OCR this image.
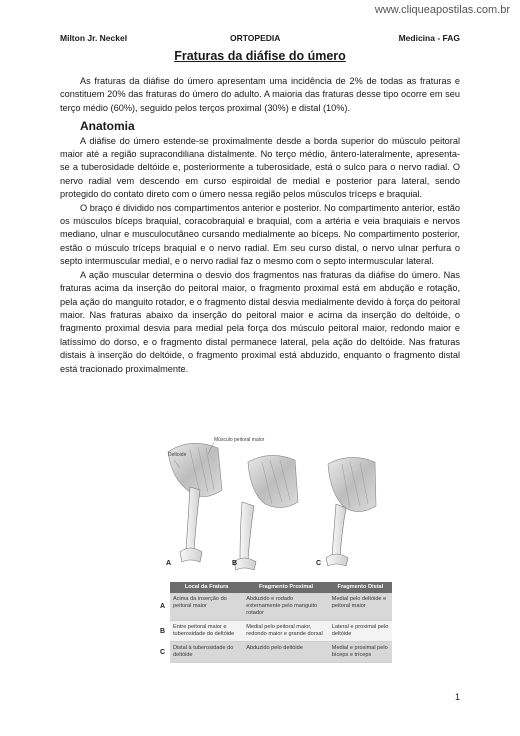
www.cliqueapostilas.com.br
Milton Jr. Neckel	ORTOPEDIA	Medicina - FAG
Fraturas da diáfise do úmero

As fraturas da diáfise do úmero apresentam uma incidência de 2% de todas as fraturas e constituem 20% das fraturas do úmero do adulto. A maioria das fraturas desse tipo ocorre em seu terço médio (60%), seguido pelos terços proximal (30%) e distal (10%).

Anatomia

A diáfise do úmero estende-se proximalmente desde a borda superior do músculo peitoral maior até a região supracondiliana distalmente. No terço médio, ântero-lateralmente, apresenta-se a tuberosidade deltóide e, posteriormente a tuberosidade, está o sulco para o nervo radial. O nervo radial vem descendo em curso espiroidal de medial e posterior para lateral, sendo protegido do contato direto com o úmero nessa região pelos músculos tríceps e braquial.

O braço é dividido nos compartimentos anterior e posterior. No compartimento anterior, estão os músculos bíceps braquial, coracobraquial e braquial, com a artéria e veia braquiais e nervos mediano, ulnar e musculocutâneo cursando medialmente ao bíceps. No compartimento posterior, estão o músculo tríceps braquial e o nervo radial. Em seu curso distal, o nervo ulnar perfura o septo intermuscular medial, e o nervo radial faz o mesmo com o septo intermuscular lateral.

A ação muscular determina o desvio dos fragmentos nas fraturas da diáfise do úmero. Nas fraturas acima da inserção do peitoral maior, o fragmento proximal está em abdução e rotação, pela ação do manguito rotador, e o fragmento distal desvia medialmente devido à força do peitoral maior. Nas fraturas abaixo da inserção do peitoral maior e acima da inserção do deltóide, o fragmento proximal desvia para medial pela força dos músculo peitoral maior, redondo maior e latíssimo do dorso, e o fragmento distal permanece lateral, pela ação do deltóide. Nas fraturas distais à inserção do deltóide, o fragmento proximal está abduzido, enquanto o fragmento distal está tracionado proximalmente.

Músculo peitoral maior
Deltoide
A	B	C
	Local da Fratura	Fragmento Proximal	Fragmento Distal
A	Acima da inserção do peitoral maior	Abduzido e rodado externamente pelo manguito rotador	Medial pelo deltóide e peitoral maior
B	Entre peitoral maior e tuberosidade do deltóide	Medial pelo peitoral maior, redondo maior e grande dorsal	Lateral e proximal pelo deltóide
C	Distal à tuberosidade do deltóide	Abduzido pelo deltóide	Medial e proximal pelo bíceps e tríceps
1
